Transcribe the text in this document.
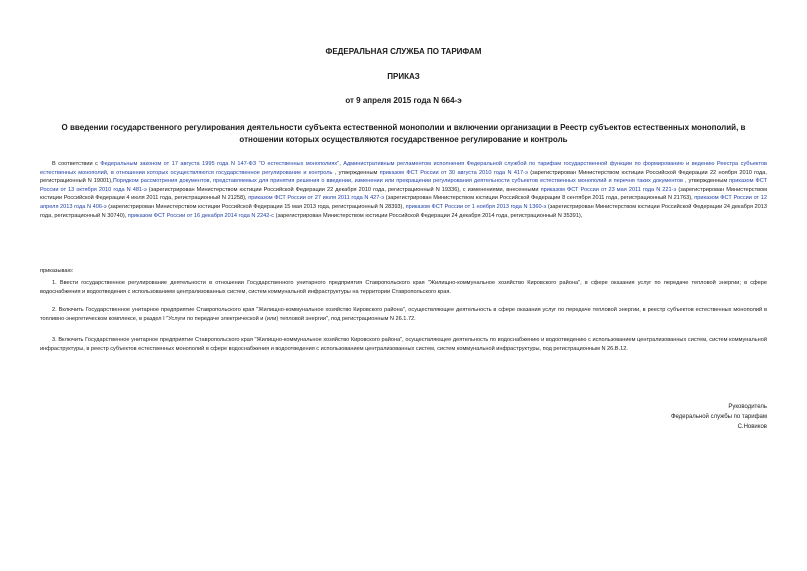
ФЕДЕРАЛЬНАЯ СЛУЖБА ПО ТАРИФАМ
ПРИКАЗ
от 9 апреля 2015 года N 664-э
О введении государственного регулирования деятельности субъекта естественной монополии и включении организации в Реестр субъектов естественных монополий, в отношении которых осуществляются государственное регулирование и контроль

В соответствии с Федеральным законом от 17 августа 1995 года N 147-ФЗ "О естественных монополиях", Административным регламентом исполнения Федеральной службой по тарифам государственной функции по формированию и ведению Реестра субъектов естественных монополий, в отношении которых осуществляются государственное регулирование и контроль , утвержденным приказом ФСТ России от 30 августа 2010 года N 417-э (зарегистрирован Министерством юстиции Российской Федерации 22 ноября 2010 года, регистрационный N 19001),Порядком рассмотрения документов, представляемых для принятия решения о введении, изменении или прекращении регулирования деятельности субъектов естественных монополий и перечня таких документов , утвержденным приказом ФСТ России от 13 октября 2010 года N 481-э (зарегистрирован Министерством юстиции Российской Федерации 22 декабря 2010 года, регистрационный N 19336), с изменениями, внесенными приказом ФСТ России от 23 мая 2011 года N 221-э (зарегистрирован Министерством юстиции Российской Федерации 4 июля 2011 года, регистрационный N 21258), приказом ФСТ России от 27 июля 2011 года N 427-э (зарегистрирован Министерством юстиции Российской Федерации 8 сентября 2011 года, регистрационный N 21763), приказом ФСТ России от 12 апреля 2013 года N 406-э (зарегистрирован Министерством юстиции Российской Федерации 15 мая 2013 года, регистрационный N 28393), приказом ФСТ России от 1 ноября 2013 года N 1360-э (зарегистрирован Министерством юстиции Российской Федерации 24 декабря 2013 года, регистрационный N 30740), приказом ФСТ России от 16 декабря 2014 года N 2242-с (зарегистрирован Министерством юстиции Российской Федерации 24 декабря 2014 года, регистрационный N 35391),

приказываю:
1. Ввести государственное регулирование деятельности в отношении Государственного унитарного предприятия Ставропольского края "Жилищно-коммунальное хозяйство Кировского района", в сфере оказания услуг по передаче тепловой энергии; в сфере водоснабжения и водоотведения с использованием централизованных систем, систем коммунальной инфраструктуры на территории Ставропольского края.
2. Включить Государственное унитарное предприятие Ставропольского края "Жилищно-коммунальное хозяйство Кировского района", осуществляющее деятельность в сфере оказания услуг по передаче тепловой энергии, в реестр субъектов естественных монополий в топливно-энергетическом комплексе, в раздел I "Услуги по передаче электрической и (или) тепловой энергии", под регистрационным N 26.1.72.
3. Включить Государственное унитарное предприятие Ставропольского края "Жилищно-коммунальное хозяйство Кировского района", осуществляющее деятельность по водоснабжению и водоотведению с использованием централизованных систем, систем коммунальной инфраструктуры, в реестр субъектов естественных монополий в сфере водоснабжения и водоотведения с использованием централизованных систем, систем коммунальной инфраструктуры, под регистрационным N 26.В.12.
Руководитель
Федеральной службы по тарифам
С.Новиков
